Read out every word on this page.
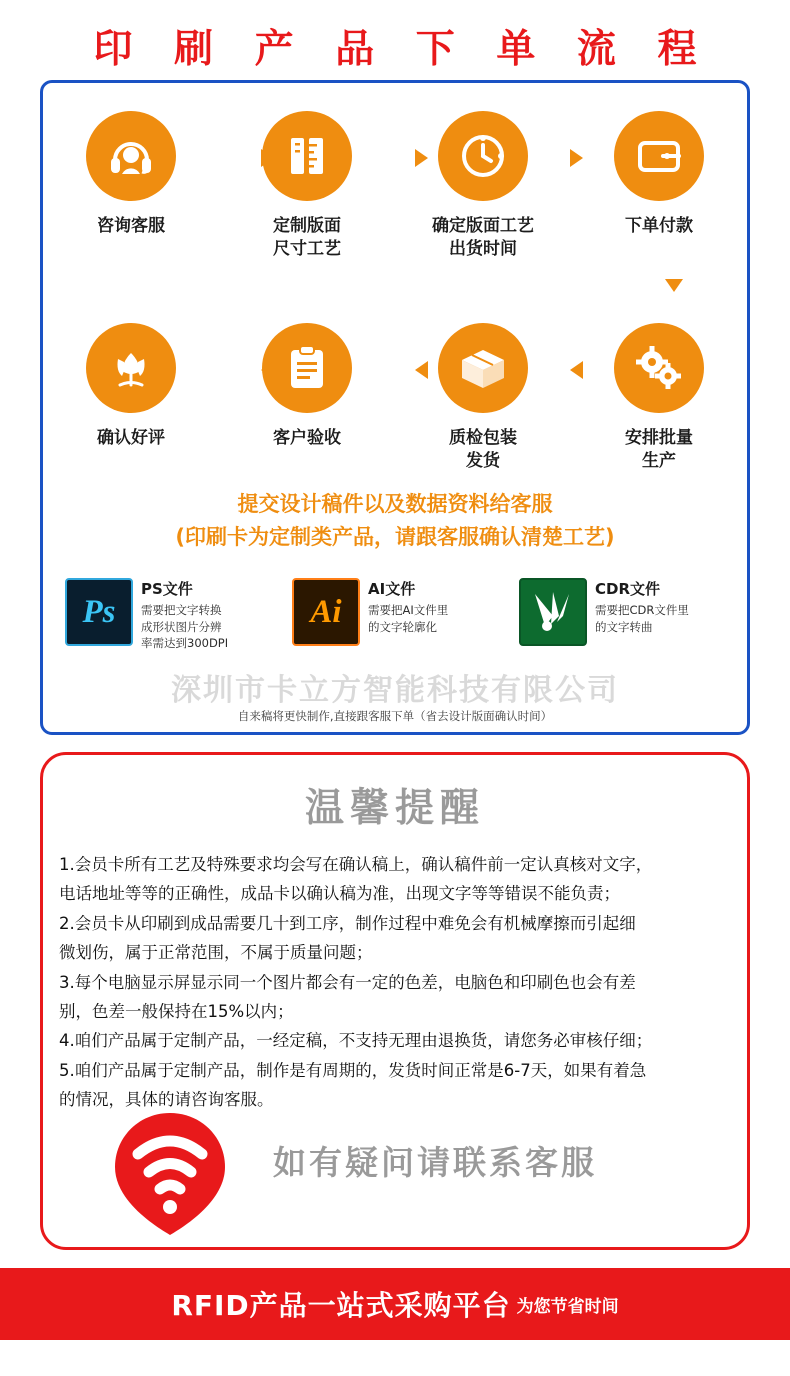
印 刷 产 品 下 单 流 程
咨询客服	定制版面
尺寸工艺
确定版面工艺
出货时间
下单付款
确认好评	客户验收	质检包装
发货
安排批量
生产
提交设计稿件以及数据资料给客服
(印刷卡为定制类产品，请跟客服确认清楚工艺)
Ps
PS文件
需要把文字转换
成形状图片分辨
率需达到300DPI
Ai
AI文件
需要把AI文件里
的文字轮廓化
CDR文件
需要把CDR文件里
的文字转曲
深圳市卡立方智能科技有限公司
自来稿将更快制作,直接跟客服下单（省去设计版面确认时间）
温馨提醒
1.会员卡所有工艺及特殊要求均会写在确认稿上，确认稿件前一定认真核对文字，
电话地址等等的正确性，成品卡以确认稿为准，出现文字等等错误不能负责；
2.会员卡从印刷到成品需要几十到工序，制作过程中难免会有机械摩擦而引起细
微划伤，属于正常范围，不属于质量问题；
3.每个电脑显示屏显示同一个图片都会有一定的色差，电脑色和印刷色也会有差
别，色差一般保持在15%以内；
4.咱们产品属于定制产品，一经定稿，不支持无理由退换货，请您务必审核仔细；
5.咱们产品属于定制产品，制作是有周期的，发货时间正常是6-7天，如果有着急
的情况，具体的请咨询客服。
如有疑问请联系客服
RFID产品一站式采购平台 为您节省时间
